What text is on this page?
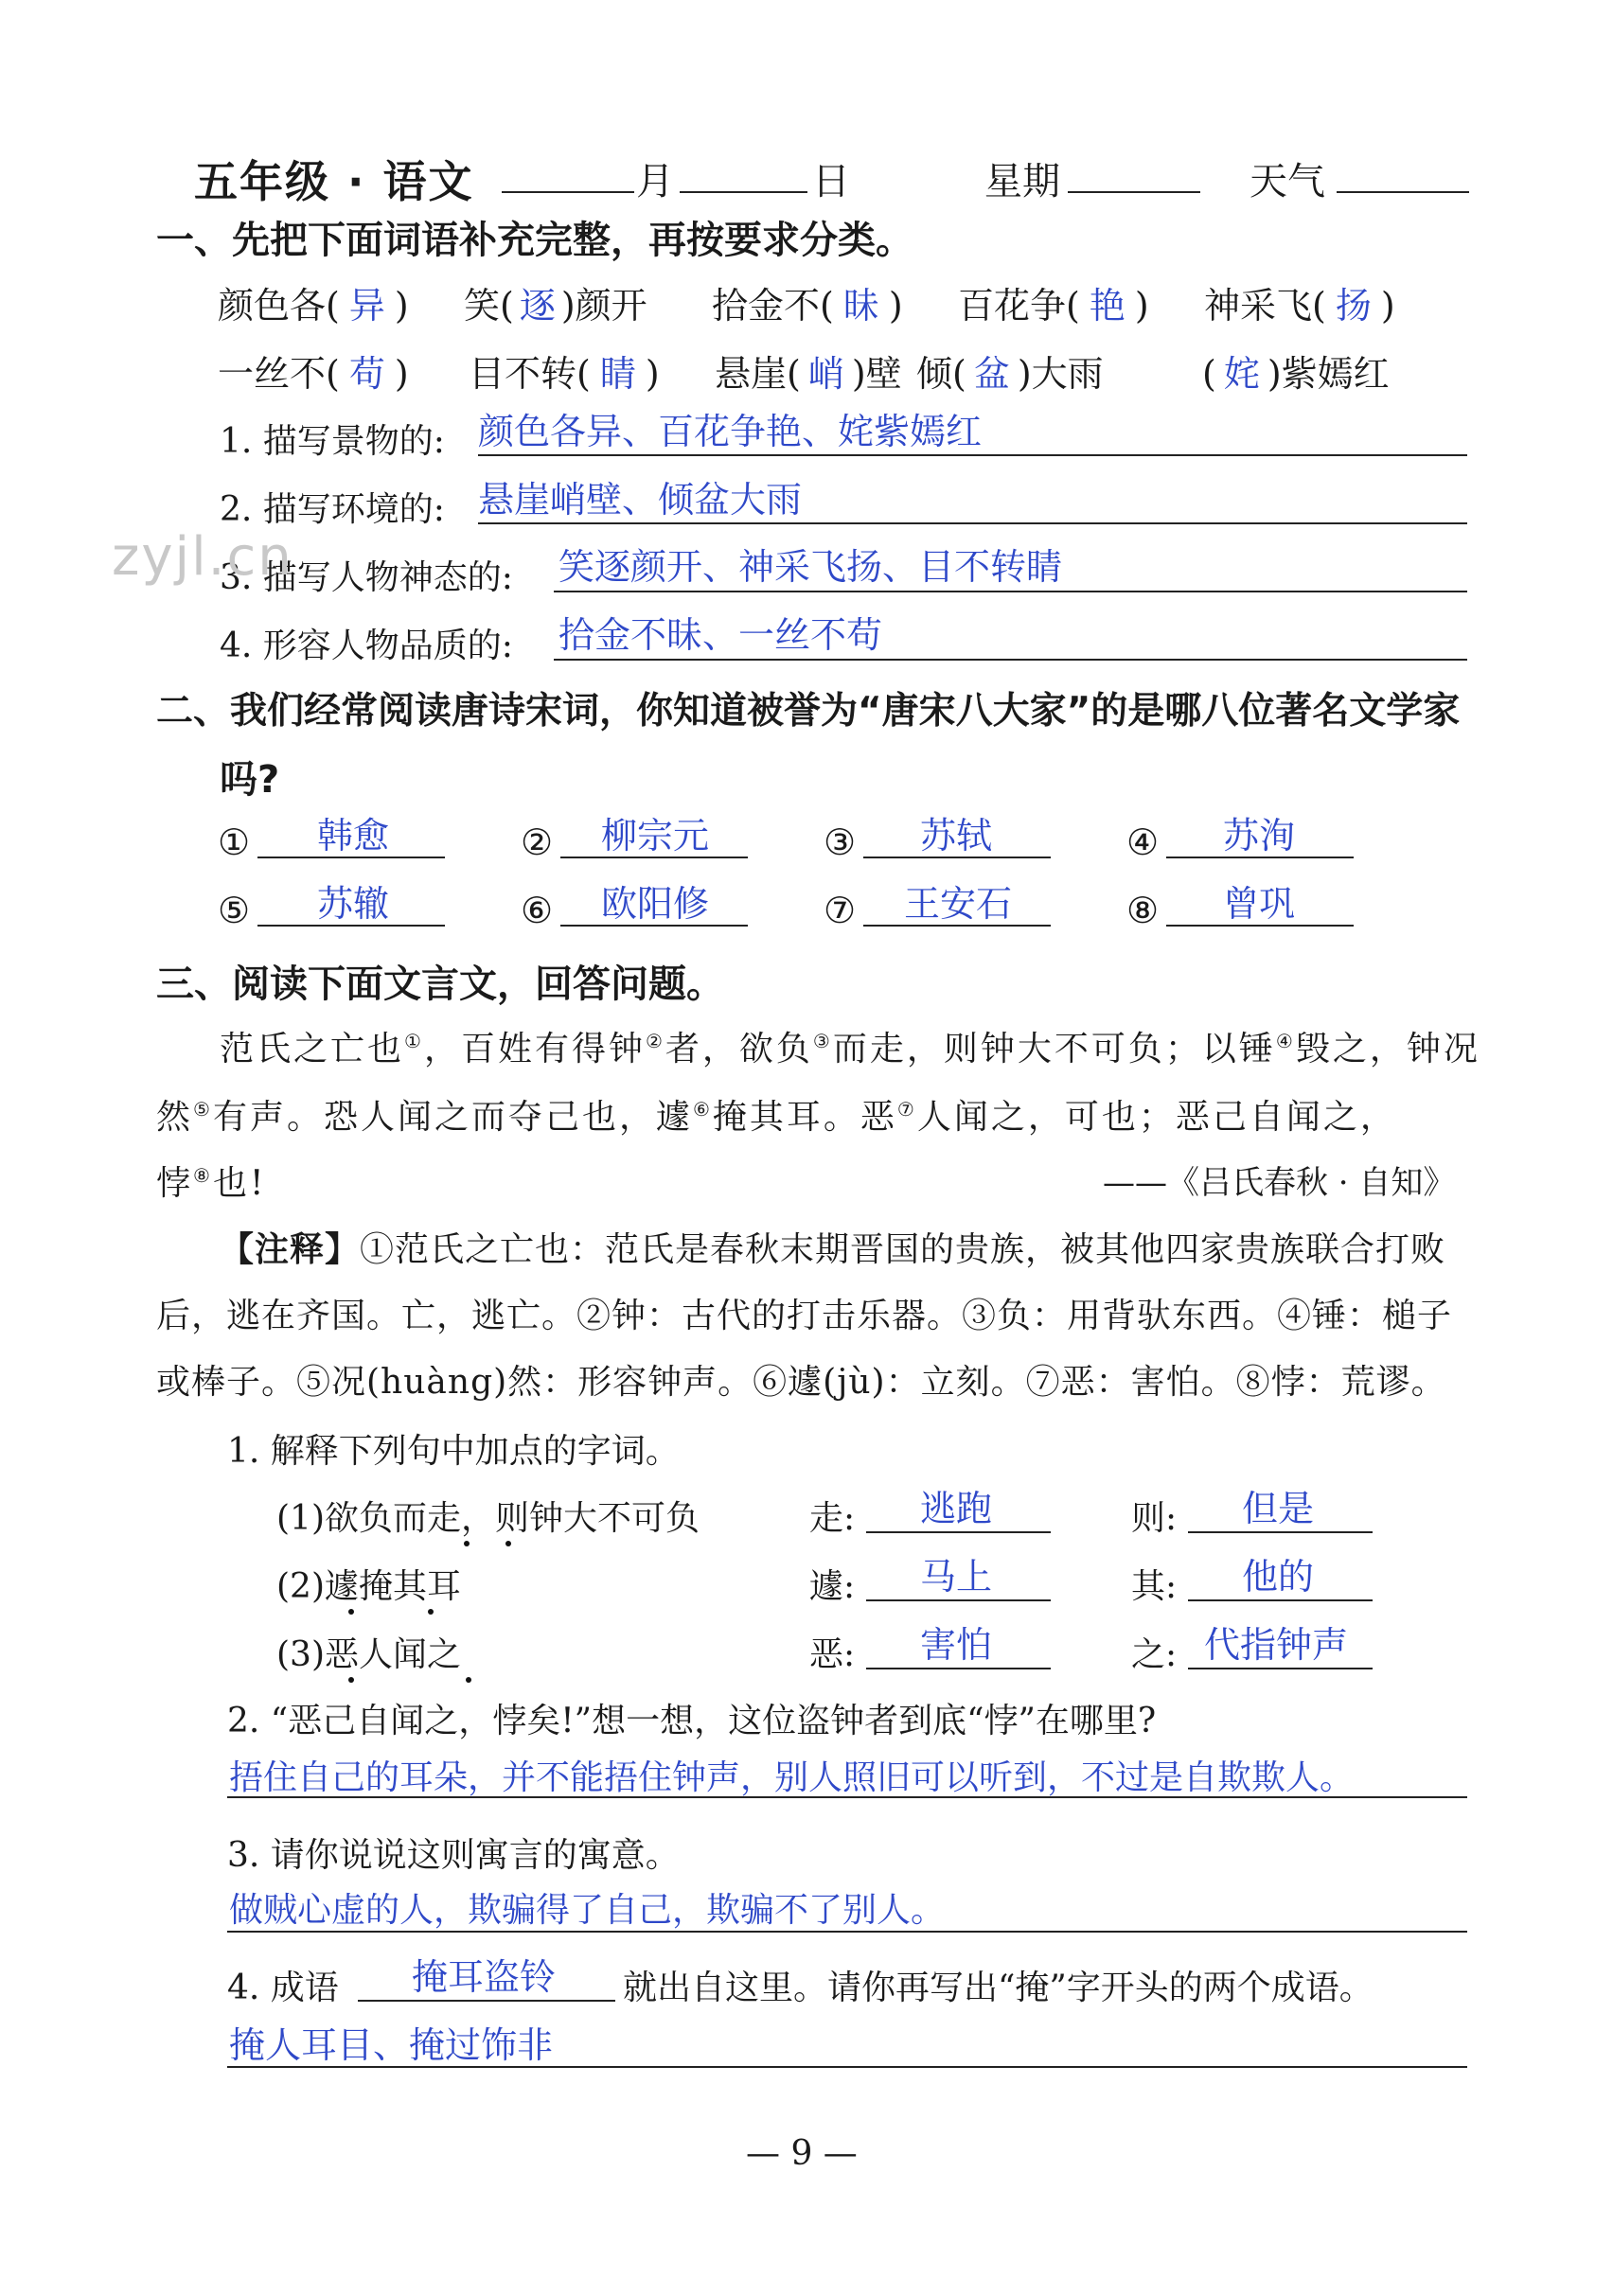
五年级 · 语文	月	日	星期	天气
一、先把下面词语补充完整，再按要求分类。
颜色各( 异 ) 笑( 逐 )颜开 拾金不( 昧 ) 百花争( 艳 ) 神采飞( 扬 )
一丝不( 苟 ) 目不转( 睛 ) 悬崖( 峭 )壁 倾( 盆 )大雨	( 姹 )紫嫣红
1. 描写景物的: 颜色各异、百花争艳、姹紫嫣红
2. 描写环境的: 悬崖峭壁、倾盆大雨
3. 描写人物神态的: 笑逐颜开、神采飞扬、目不转睛
4. 形容人物品质的: 拾金不昧、一丝不苟
zyjl.cn
二、我们经常阅读唐诗宋词，你知道被誉为“唐宋八大家”的是哪八位著名文学家
吗?
① 韩愈	② 柳宗元	③ 苏轼	④ 苏洵
⑤ 苏辙	⑥ 欧阳修	⑦ 王安石	⑧ 曾巩
三、阅读下面文言文，回答问题。
范氏之亡也①，百姓有得钟②者，欲负③而走，则钟大不可负；以锤④毁之，钟况
然⑤有声。恐人闻之而夺己也，遽⑥掩其耳。恶⑦人闻之，可也；恶己自闻之，
悖⑧也!	——《吕氏春秋 · 自知》
【注释】①范氏之亡也：范氏是春秋末期晋国的贵族，被其他四家贵族联合打败
后，逃在齐国。亡，逃亡。②钟：古代的打击乐器。③负：用背驮东西。④锤：槌子
或棒子。⑤况(huàng)然：形容钟声。⑥遽(jù)：立刻。⑦恶：害怕。⑧悖：荒谬。
1. 解释下列句中加点的字词。
(1)欲负而走，则钟大不可负	走: 逃跑	则: 但是
(2)遽掩其耳	遽: 马上	其: 他的
(3)恶人闻之	恶: 害怕	之: 代指钟声
2. “恶己自闻之，悖矣!”想一想，这位盗钟者到底“悖”在哪里?
捂住自己的耳朵，并不能捂住钟声，别人照旧可以听到，不过是自欺欺人。
3. 请你说说这则寓言的寓意。
做贼心虚的人，欺骗得了自己，欺骗不了别人。
4. 成语 掩耳盗铃 就出自这里。请你再写出“掩”字开头的两个成语。
掩人耳目、掩过饰非
— 9 —
